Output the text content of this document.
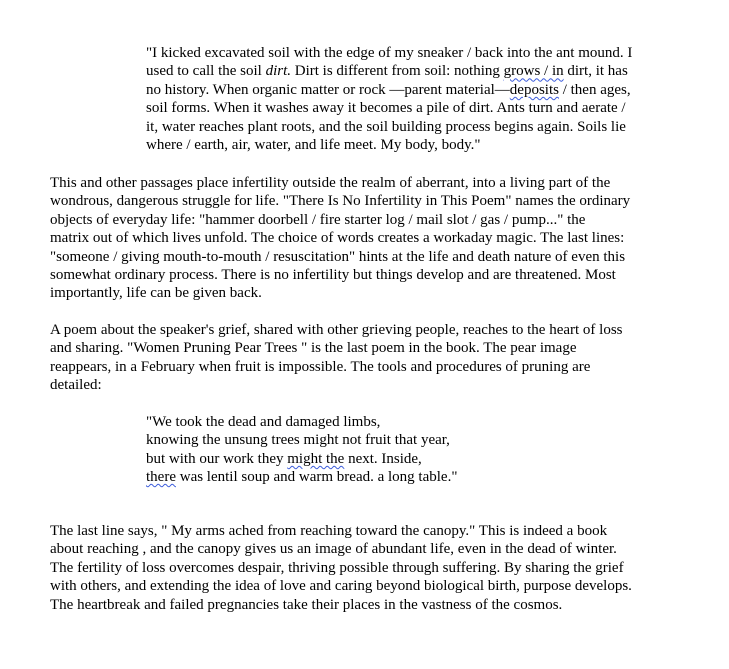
"I kicked excavated soil with the edge of my sneaker / back into the ant mound. I
used to call the soil dirt. Dirt is different from soil: nothing grows / in dirt, it has
no history. When organic matter or rock —parent material—deposits / then ages,
soil forms. When it washes away it becomes a pile of dirt. Ants turn and aerate /
it, water reaches plant roots, and the soil building process begins again. Soils lie
where / earth, air, water, and life meet. My body, body."
This and other passages place infertility outside the realm of aberrant, into a living part of the
wondrous, dangerous struggle for life. "There Is No Infertility in This Poem" names the ordinary
objects of everyday life: "hammer doorbell / fire starter log / mail slot / gas / pump..." the
matrix out of which lives unfold. The choice of words creates a workaday magic. The last lines:
"someone / giving mouth-to-mouth / resuscitation" hints at the life and death nature of even this
somewhat ordinary process. There is no infertility but things develop and are threatened. Most
importantly, life can be given back.
A poem about the speaker's grief, shared with other grieving people, reaches to the heart of loss
and sharing. "Women Pruning Pear Trees " is the last poem in the book. The pear image
reappears, in a February when fruit is impossible. The tools and procedures of pruning are
detailed:
"We took the dead and damaged limbs,
knowing the unsung trees might not fruit that year,
but with our work they might the next. Inside,
there was lentil soup and warm bread. a long table."
The last line says, " My arms ached from reaching toward the canopy." This is indeed a book
about reaching , and the canopy gives us an image of abundant life, even in the dead of winter.
The fertility of loss overcomes despair, thriving possible through suffering. By sharing the grief
with others, and extending the idea of love and caring beyond biological birth, purpose develops.
The heartbreak and failed pregnancies take their places in the vastness of the cosmos.
